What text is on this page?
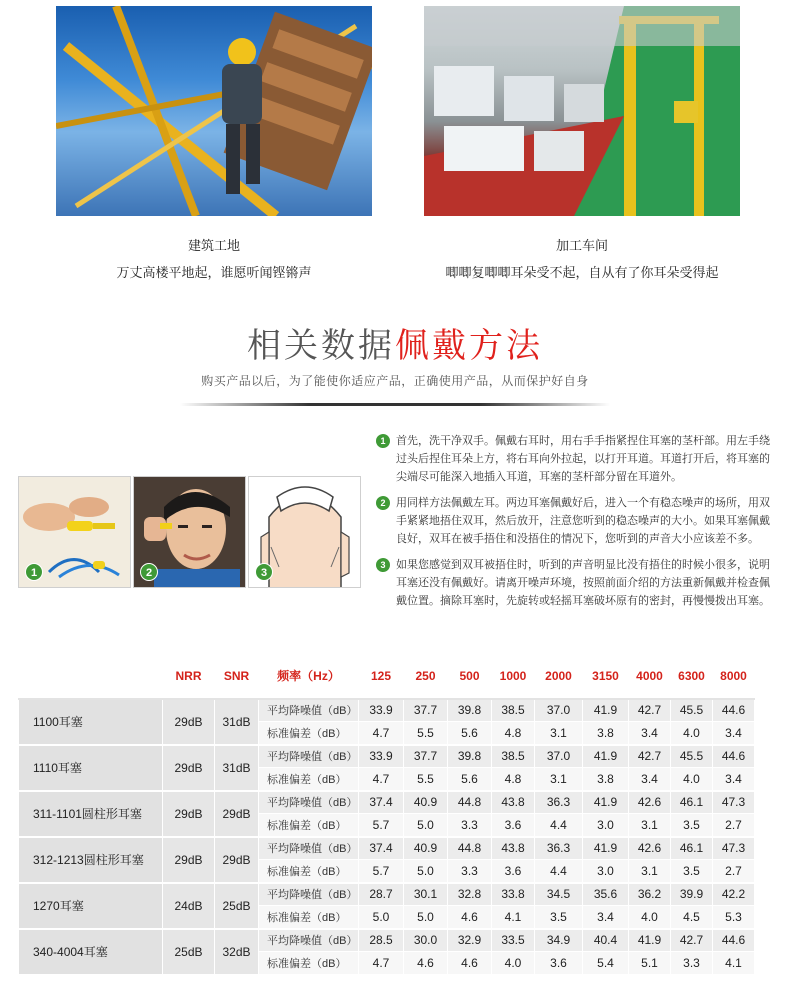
建筑工地
万丈高楼平地起，谁愿听闻铿锵声
加工车间
唧唧复唧唧耳朵受不起，自从有了你耳朵受得起
相关数据佩戴方法
购买产品以后，为了能使你适应产品，正确使用产品，从而保护好自身
1	2	3
1 首先，洗干净双手。佩戴右耳时，用右手手指紧捏住耳塞的茎杆部。用左手绕过头后捏住耳朵上方，将右耳向外拉起，以打开耳道。耳道打开后，将耳塞的尖端尽可能深入地插入耳道，耳塞的茎杆部分留在耳道外。
2 用同样方法佩戴左耳。两边耳塞佩戴好后，进入一个有稳态噪声的场所，用双手紧紧地捂住双耳，然后放开，注意您听到的稳态噪声的大小。如果耳塞佩戴良好，双耳在被手捂住和没捂住的情况下，您听到的声音大小应该差不多。
3 如果您感觉到双耳被捂住时，听到的声音明显比没有捂住的时候小很多，说明耳塞还没有佩戴好。请离开噪声环境，按照前面介绍的方法重新佩戴并检查佩戴位置。摘除耳塞时，先旋转或轻摇耳塞破坏原有的密封，再慢慢拨出耳塞。
	NRR	SNR	频率（Hz）	125	250	500	1000	2000	3150	4000	6300	8000
1100耳塞	29dB	31dB	平均降噪值（dB）	33.9	37.7	39.8	38.5	37.0	41.9	42.7	45.5	44.6
			标准偏差（dB）	4.7	5.5	5.6	4.8	3.1	3.8	3.4	4.0	3.4
1110耳塞	29dB	31dB	平均降噪值（dB）	33.9	37.7	39.8	38.5	37.0	41.9	42.7	45.5	44.6
			标准偏差（dB）	4.7	5.5	5.6	4.8	3.1	3.8	3.4	4.0	3.4
311-1101圆柱形耳塞	29dB	29dB	平均降噪值（dB）	37.4	40.9	44.8	43.8	36.3	41.9	42.6	46.1	47.3
			标准偏差（dB）	5.7	5.0	3.3	3.6	4.4	3.0	3.1	3.5	2.7
312-1213圆柱形耳塞	29dB	29dB	平均降噪值（dB）	37.4	40.9	44.8	43.8	36.3	41.9	42.6	46.1	47.3
			标准偏差（dB）	5.7	5.0	3.3	3.6	4.4	3.0	3.1	3.5	2.7
1270耳塞	24dB	25dB	平均降噪值（dB）	28.7	30.1	32.8	33.8	34.5	35.6	36.2	39.9	42.2
			标准偏差（dB）	5.0	5.0	4.6	4.1	3.5	3.4	4.0	4.5	5.3
340-4004耳塞	25dB	32dB	平均降噪值（dB）	28.5	30.0	32.9	33.5	34.9	40.4	41.9	42.7	44.6
			标准偏差（dB）	4.7	4.6	4.6	4.0	3.6	5.4	5.1	3.3	4.1
